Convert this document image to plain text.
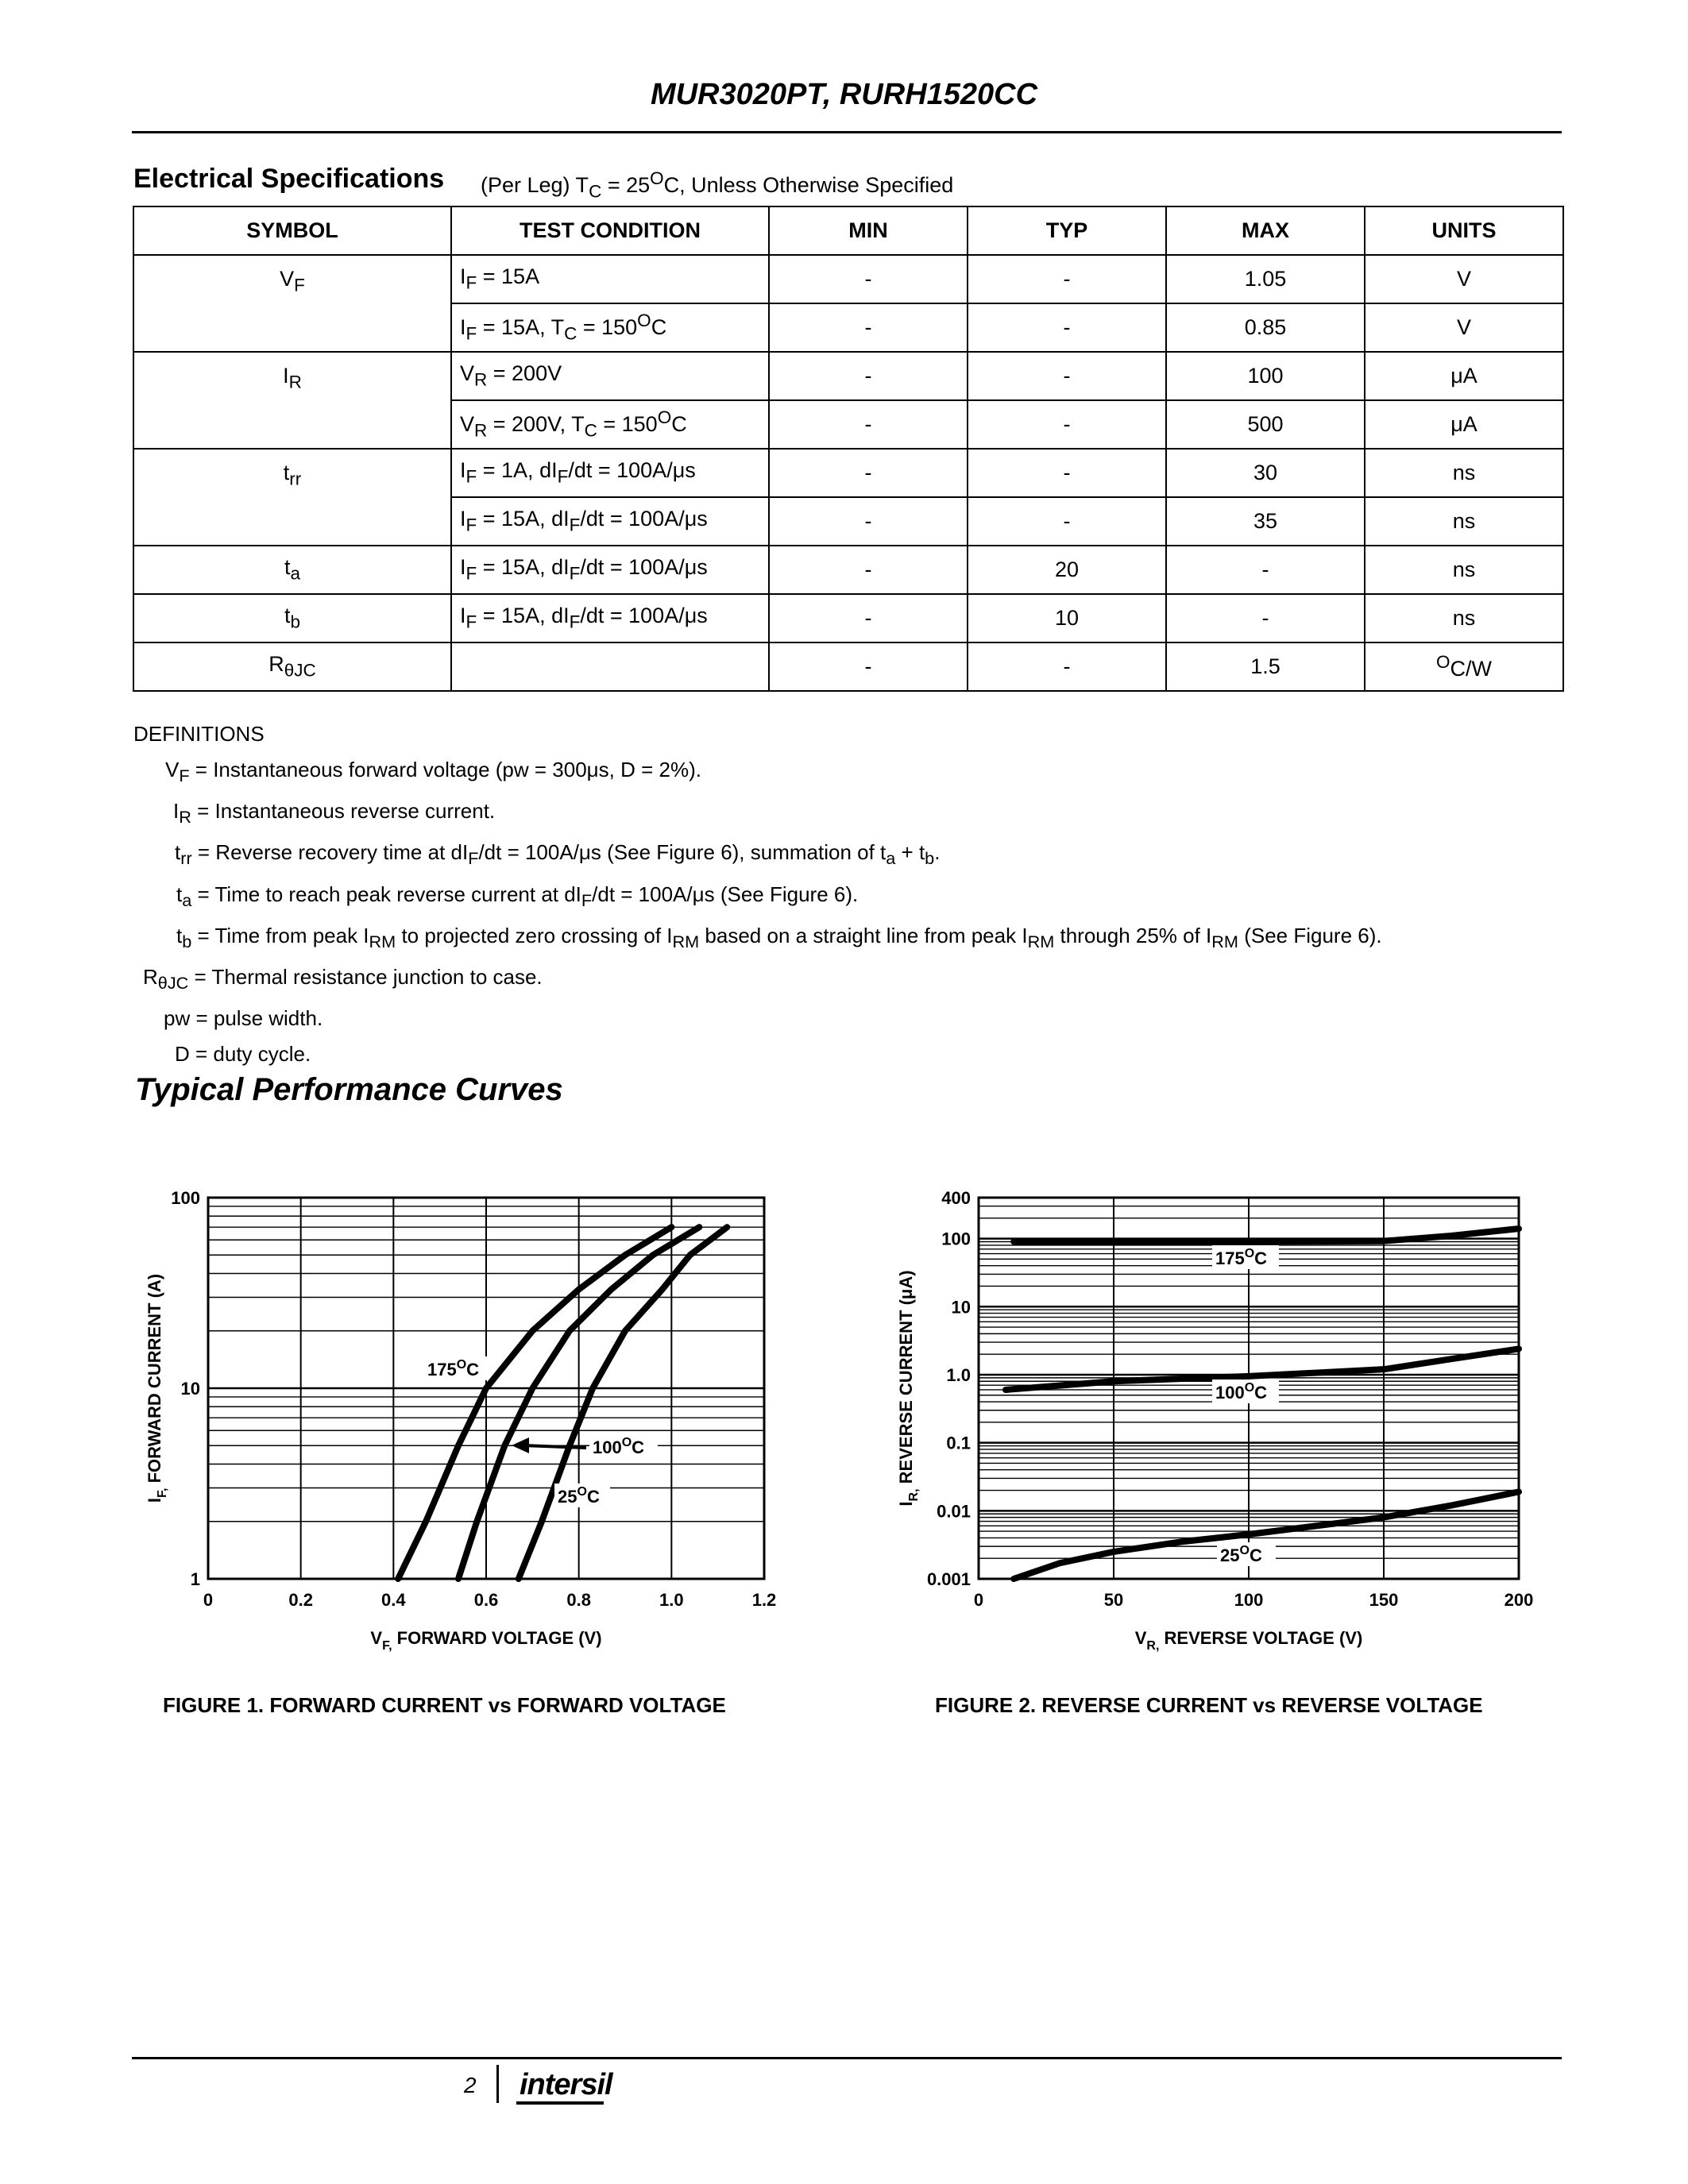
MUR3020PT, RURH1520CC
Electrical Specifications (Per Leg) $T_C = 25^OC$, Unless Otherwise Specified
SYMBOL	TEST CONDITION	MIN	TYP	MAX	UNITS
$V_F$	$I_F = 15A$	-	-	1.05	V
	$I_F = 15A$, $T_C = 150^OC$	-	-	0.85	V
$I_R$	$V_R = 200V$	-	-	100	μA
	$V_R = 200V$, $T_C = 150^OC$	-	-	500	μA
$t_{rr}$	$I_F = 1A$, $dI_F/dt = 100A/\mu s$	-	-	30	ns
	$I_F = 15A$, $dI_F/dt = 100A/\mu s$	-	-	35	ns
$t_a$	$I_F = 15A$, $dI_F/dt = 100A/\mu s$	-	20	-	ns
$t_b$	$I_F = 15A$, $dI_F/dt = 100A/\mu s$	-	10	-	ns
$R_{\theta JC}$		-	-	1.5	$^O$C/W
DEFINITIONS
$V_F$ = Instantaneous forward voltage (pw = 300μs, D = 2%).
$I_R$ = Instantaneous reverse current.
$t_{rr}$ = Reverse recovery time at $dI_F/dt = 100A/\mu s$ (See Figure 6), summation of $t_a + t_b$.
$t_a$ = Time to reach peak reverse current at $dI_F/dt = 100A/\mu s$ (See Figure 6).
$t_b$ = Time from peak $I_{RM}$ to projected zero crossing of $I_{RM}$ based on a straight line from peak $I_{RM}$ through 25% of $I_{RM}$ (See Figure 6).
$R_{\theta JC}$ = Thermal resistance junction to case.
pw = pulse width.
D = duty cycle.
Typical Performance Curves
0	0.2	0.4	0.6	0.8	1.0	1.2
1
10
100
$175^OC$
$100^OC$
$25^OC$
$V_{F,}$ FORWARD VOLTAGE (V)
$I_{F,}$ FORWARD CURRENT (A)
0	50	100	150	200
0.001
0.01
0.1
1.0
10
100
400
$175^OC$
$100^OC$
$25^OC$
$V_{R,}$ REVERSE VOLTAGE (V)
$I_{R,}$ REVERSE CURRENT (μA)
FIGURE 1. FORWARD CURRENT vs FORWARD VOLTAGE	FIGURE 2. REVERSE CURRENT vs REVERSE VOLTAGE
2 intersil
